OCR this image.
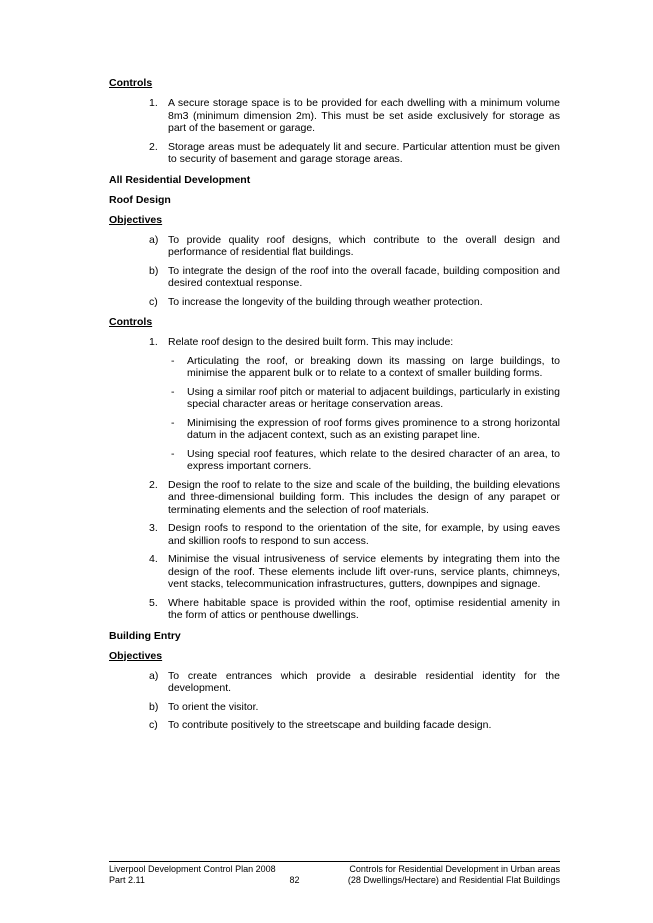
Controls
1. A secure storage space is to be provided for each dwelling with a minimum volume 8m3 (minimum dimension 2m). This must be set aside exclusively for storage as part of the basement or garage.
2. Storage areas must be adequately lit and secure. Particular attention must be given to security of basement and garage storage areas.
All Residential Development
Roof Design
Objectives
a) To provide quality roof designs, which contribute to the overall design and performance of residential flat buildings.
b) To integrate the design of the roof into the overall facade, building composition and desired contextual response.
c) To increase the longevity of the building through weather protection.
Controls
1. Relate roof design to the desired built form. This may include:
- Articulating the roof, or breaking down its massing on large buildings, to minimise the apparent bulk or to relate to a context of smaller building forms.
- Using a similar roof pitch or material to adjacent buildings, particularly in existing special character areas or heritage conservation areas.
- Minimising the expression of roof forms gives prominence to a strong horizontal datum in the adjacent context, such as an existing parapet line.
- Using special roof features, which relate to the desired character of an area, to express important corners.
2. Design the roof to relate to the size and scale of the building, the building elevations and three-dimensional building form. This includes the design of any parapet or terminating elements and the selection of roof materials.
3. Design roofs to respond to the orientation of the site, for example, by using eaves and skillion roofs to respond to sun access.
4. Minimise the visual intrusiveness of service elements by integrating them into the design of the roof. These elements include lift over-runs, service plants, chimneys, vent stacks, telecommunication infrastructures, gutters, downpipes and signage.
5. Where habitable space is provided within the roof, optimise residential amenity in the form of attics or penthouse dwellings.
Building Entry
Objectives
a) To create entrances which provide a desirable residential identity for the development.
b) To orient the visitor.
c) To contribute positively to the streetscape and building facade design.
Liverpool Development Control Plan 2008
Part 2.11
	82
Controls for Residential Development in Urban areas
(28 Dwellings/Hectare) and Residential Flat Buildings
